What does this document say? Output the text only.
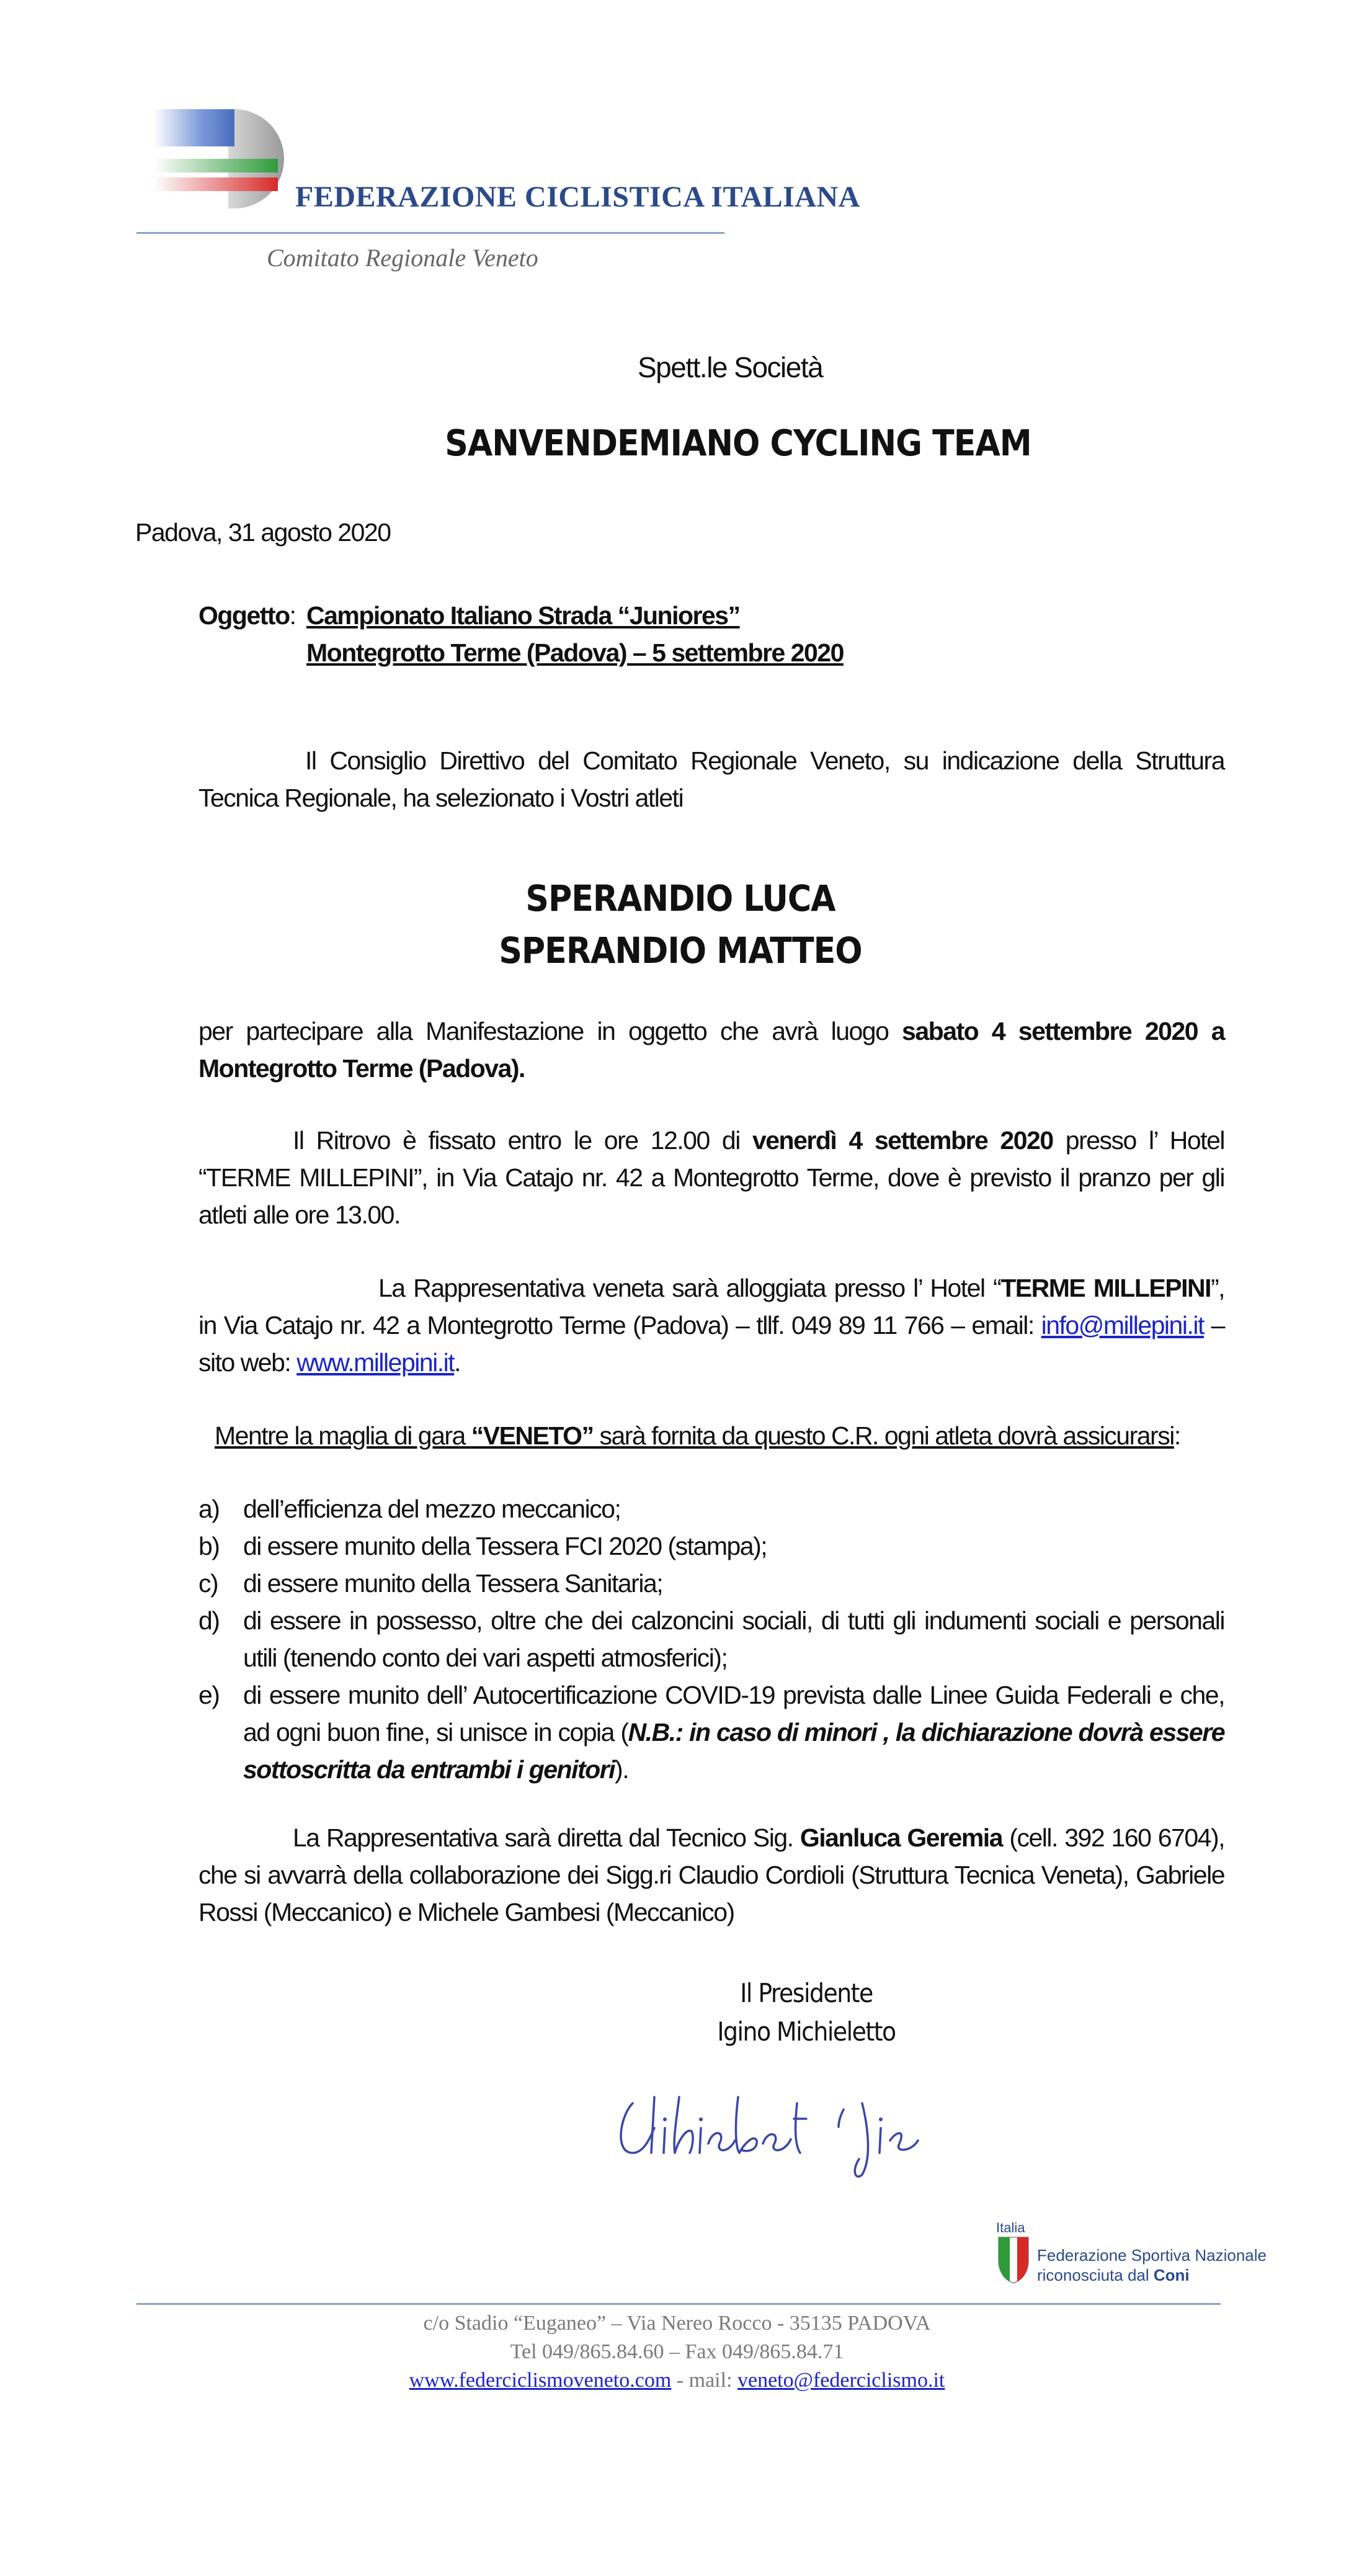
FEDERAZIONE CICLISTICA ITALIANA
Comitato Regionale Veneto
Spett.le Società
SANVENDEMIANO CYCLING TEAM
Padova, 31 agosto 2020
Oggetto: Campionato Italiano Strada “Juniores”
Montegrotto Terme (Padova) – 5 settembre 2020
Il Consiglio Direttivo del Comitato Regionale Veneto, su indicazione della Struttura Tecnica Regionale, ha selezionato i Vostri atleti
SPERANDIO LUCA
SPERANDIO MATTEO
per partecipare alla Manifestazione in oggetto che avrà luogo sabato 4 settembre 2020 a Montegrotto Terme (Padova).
Il Ritrovo è fissato entro le ore 12.00 di venerdì 4 settembre 2020 presso l’ Hotel “TERME MILLEPINI”, in Via Catajo nr. 42 a Montegrotto Terme, dove è previsto il pranzo per gli atleti alle ore 13.00.
La Rappresentativa veneta sarà alloggiata presso l’ Hotel “TERME MILLEPINI”, in Via Catajo nr. 42 a Montegrotto Terme (Padova) – tllf. 049 89 11 766 – email: info@millepini.it – sito web: www.millepini.it.
Mentre la maglia di gara “VENETO” sarà fornita da questo C.R. ogni atleta dovrà assicurarsi:
a) dell’efficienza del mezzo meccanico;
b) di essere munito della Tessera FCI 2020 (stampa);
c) di essere munito della Tessera Sanitaria;
d) di essere in possesso, oltre che dei calzoncini sociali, di tutti gli indumenti sociali e personali utili (tenendo conto dei vari aspetti atmosferici);
e) di essere munito dell’ Autocertificazione COVID-19 prevista dalle Linee Guida Federali e che, ad ogni buon fine, si unisce in copia (N.B.: in caso di minori , la dichiarazione dovrà essere sottoscritta da entrambi i genitori).
La Rappresentativa sarà diretta dal Tecnico Sig. Gianluca Geremia (cell. 392 160 6704), che si avvarrà della collaborazione dei Sigg.ri Claudio Cordioli (Struttura Tecnica Veneta), Gabriele Rossi (Meccanico) e Michele Gambesi (Meccanico)
Il Presidente
Igino Michieletto
Italia
Federazione Sportiva Nazionale
riconosciuta dal Coni
c/o Stadio “Euganeo” – Via Nereo Rocco - 35135 PADOVA
Tel 049/865.84.60 – Fax 049/865.84.71
www.federciclismoveneto.com - mail: veneto@federciclismo.it
